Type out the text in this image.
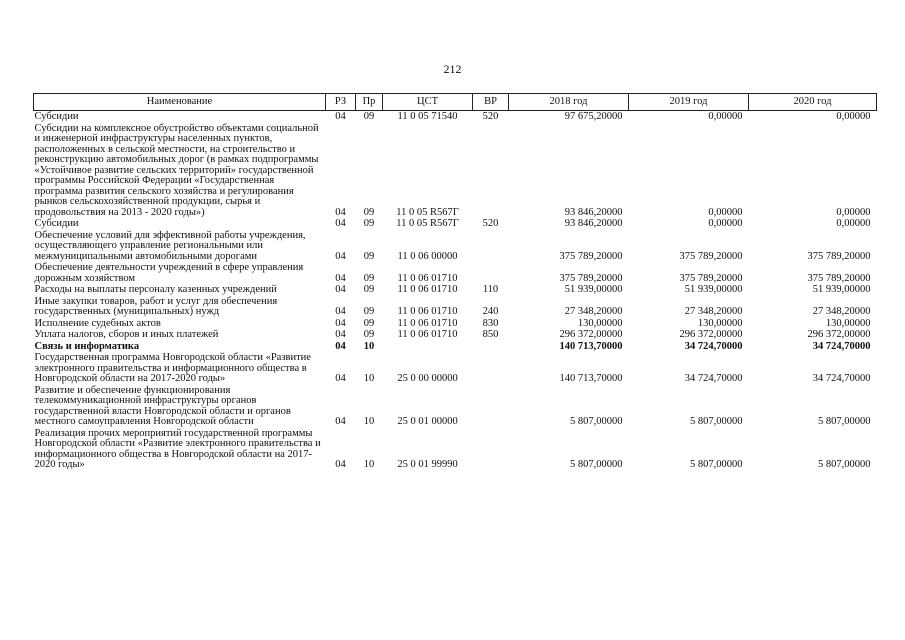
212
Наименование	РЗ	Пр	ЦСТ	ВР	2018 год	2019 год	2020 год
Субсидии	04	09	11 0 05 71540	520	97 675,20000	0,00000	0,00000
Субсидии на комплексное обустройство объектами социальной и инженерной инфраструктуры населенных пунктов, расположенных в сельской местности, на строительство и реконструкцию автомобильных дорог (в рамках подпрограммы «Устойчивое развитие сельских территорий» государственной программы Российской Федерации «Государственная программа развития сельского хозяйства и регулирования рынков сельскохозяйственной продукции, сырья и продовольствия на 2013 - 2020 годы»)	04	09	11 0 05 R567Г		93 846,20000	0,00000	0,00000
Субсидии	04	09	11 0 05 R567Г	520	93 846,20000	0,00000	0,00000
Обеспечение условий для эффективной работы учреждения, осуществляющего управление региональными или межмуниципальными автомобильными дорогами	04	09	11 0 06 00000		375 789,20000	375 789,20000	375 789,20000
Обеспечение деятельности учреждений в сфере управления дорожным хозяйством	04	09	11 0 06 01710		375 789,20000	375 789,20000	375 789,20000
Расходы на выплаты персоналу казенных учреждений	04	09	11 0 06 01710	110	51 939,00000	51 939,00000	51 939,00000
Иные закупки товаров, работ и услуг для обеспечения государственных (муниципальных) нужд	04	09	11 0 06 01710	240	27 348,20000	27 348,20000	27 348,20000
Исполнение судебных актов	04	09	11 0 06 01710	830	130,00000	130,00000	130,00000
Уплата налогов, сборов и иных платежей	04	09	11 0 06 01710	850	296 372,00000	296 372,00000	296 372,00000
Связь и информатика	04	10			140 713,70000	34 724,70000	34 724,70000
Государственная программа Новгородской области «Развитие электронного правительства и информационного общества в Новгородской области на 2017-2020 годы»	04	10	25 0 00 00000		140 713,70000	34 724,70000	34 724,70000
Развитие и обеспечение функционирования телекоммуникационной инфраструктуры органов государственной власти Новгородской области и органов местного самоуправления Новгородской области	04	10	25 0 01 00000		5 807,00000	5 807,00000	5 807,00000
Реализация прочих мероприятий государственной программы Новгородской области «Развитие электронного правительства и информационного общества в Новгородской области на 2017-2020 годы»	04	10	25 0 01 99990		5 807,00000	5 807,00000	5 807,00000
